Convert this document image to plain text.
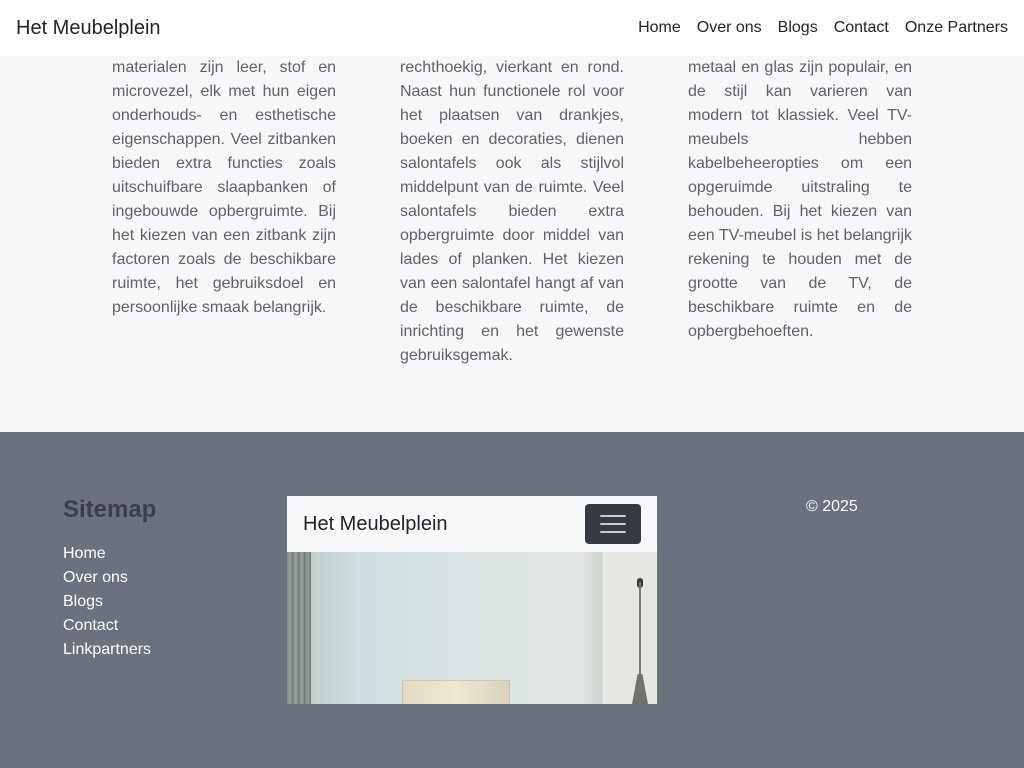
Het Meubelplein	Home Over ons Blogs Contact Onze Partners

materialen zijn leer, stof en microvezel, elk met hun eigen onderhouds- en esthetische eigenschappen. Veel zitbanken bieden extra functies zoals uitschuifbare slaapbanken of ingebouwde opbergruimte. Bij het kiezen van een zitbank zijn factoren zoals de beschikbare ruimte, het gebruiksdoel en persoonlijke smaak belangrijk.

rechthoekig, vierkant en rond. Naast hun functionele rol voor het plaatsen van drankjes, boeken en decoraties, dienen salontafels ook als stijlvol middelpunt van de ruimte. Veel salontafels bieden extra opbergruimte door middel van lades of planken. Het kiezen van een salontafel hangt af van de beschikbare ruimte, de inrichting en het gewenste gebruiksgemak.

metaal en glas zijn populair, en de stijl kan varieren van modern tot klassiek. Veel TV-meubels hebben kabelbeheeropties om een opgeruimde uitstraling te behouden. Bij het kiezen van een TV-meubel is het belangrijk rekening te houden met de grootte van de TV, de beschikbare ruimte en de opbergbehoeften.

Sitemap
Home
Over ons
Blogs
Contact
Linkpartners
Het Meubelplein
© 2025
